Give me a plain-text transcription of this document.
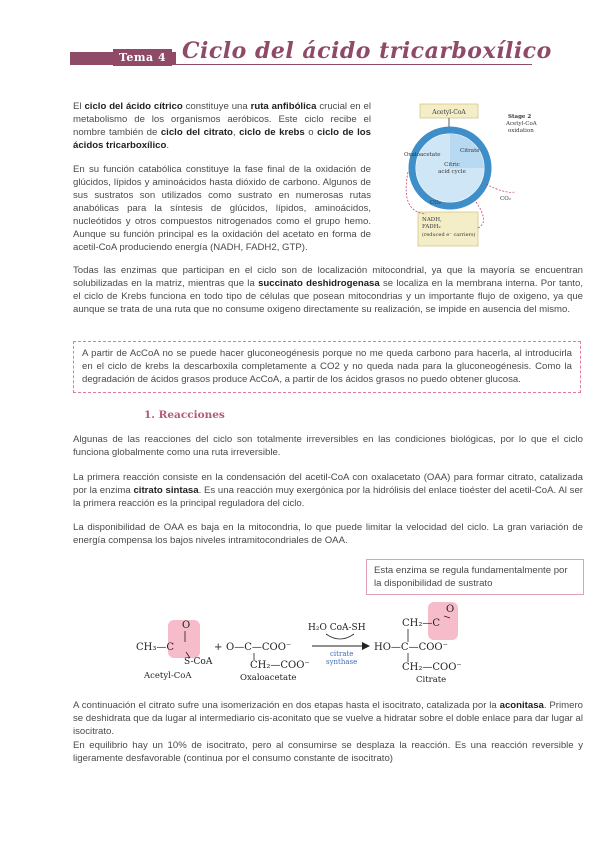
Tema 4 Ciclo del ácido tricarboxílico

El ciclo del ácido cítrico constituye una ruta anfibólica crucial en el metabolismo de los organismos aeróbicos. Este ciclo recibe el nombre también de ciclo del citrato, ciclo de krebs o ciclo de los ácidos tricarboxílico.

En su función catabólica constituye la fase final de la oxidación de glúcidos, lípidos y aminoácidos hasta dióxido de carbono. Algunos de sus sustratos son utilizados como sustrato en numerosas rutas anabólicas para la síntesis de glúcidos, lípidos, aminoácidos, nucleótidos y otros compuestos nitrogenados como el grupo hemo. Aunque su función principal es la oxidación del acetato en forma de acetil-CoA produciendo energía (NADH, FADH2, GTP).

Acetyl-CoA
Citric
acid cycle
Oxaloacetate
Citrate
CO₂
CO₂
Stage 2
Acetyl-CoA
oxidation
NADH,
FADH₂
(reduced e⁻ carriers)

Todas las enzimas que participan en el ciclo son de localización mitocondrial, ya que la mayoría se encuentran solubilizadas en la matriz, mientras que la succinato deshidrogenasa se localiza en la membrana interna. Por tanto, el ciclo de Krebs funciona en todo tipo de células que posean mitocondrias y un importante flujo de oxigeno, ya que aunque se trata de una ruta que no consume oxigeno directamente su realización, se impide en ausencia del mismo.

A partir de AcCoA no se puede hacer gluconeogénesis porque no me queda carbono para hacerla, al introducirla en el ciclo de krebs la descarboxila completamente a CO2 y no queda nada para la gluconeogénesis. Como la degradación de ácidos grasos produce AcCoA, a partir de los ácidos grasos no puedo obtener glucosa.
1. Reacciones

Algunas de las reacciones del ciclo son totalmente irreversibles en las condiciones biológicas, por lo que el ciclo funciona globalmente como una ruta irreversible.

La primera reacción consiste en la condensación del acetil-CoA con oxalacetato (OAA) para formar citrato, catalizada por la enzima citrato sintasa. Es una reacción muy exergónica por la hidrólisis del enlace tioéster del acetil-CoA. Al ser la primera reacción es la principal reguladora del ciclo.

La disponibilidad de OAA es baja en la mitocondria, lo que puede limitar la velocidad del ciclo. La gran variación de energía compensa los bajos niveles intramitocondriales de OAA.

Esta enzima se regula fundamentalmente por la disponibilidad de sustrato
CH₃—C
O
S-CoA
Acetyl-CoA
+ O—C—COO⁻
CH₂—COO⁻
Oxaloacetate
H₂O CoA-SH
citrate
synthase
CH₂—C
O
HO—C—COO⁻
CH₂—COO⁻
Citrate

A continuación el citrato sufre una isomerización en dos etapas hasta el isocitrato, catalizada por la aconitasa. Primero se deshidrata que da lugar al intermediario cis-aconitato que se vuelve a hidratar sobre el doble enlace para dar lugar al isocitrato.

En equilibrio hay un 10% de isocitrato, pero al consumirse se desplaza la reacción. Es una reacción reversible y ligeramente desfavorable (continua por el consumo constante de isocitrato)
